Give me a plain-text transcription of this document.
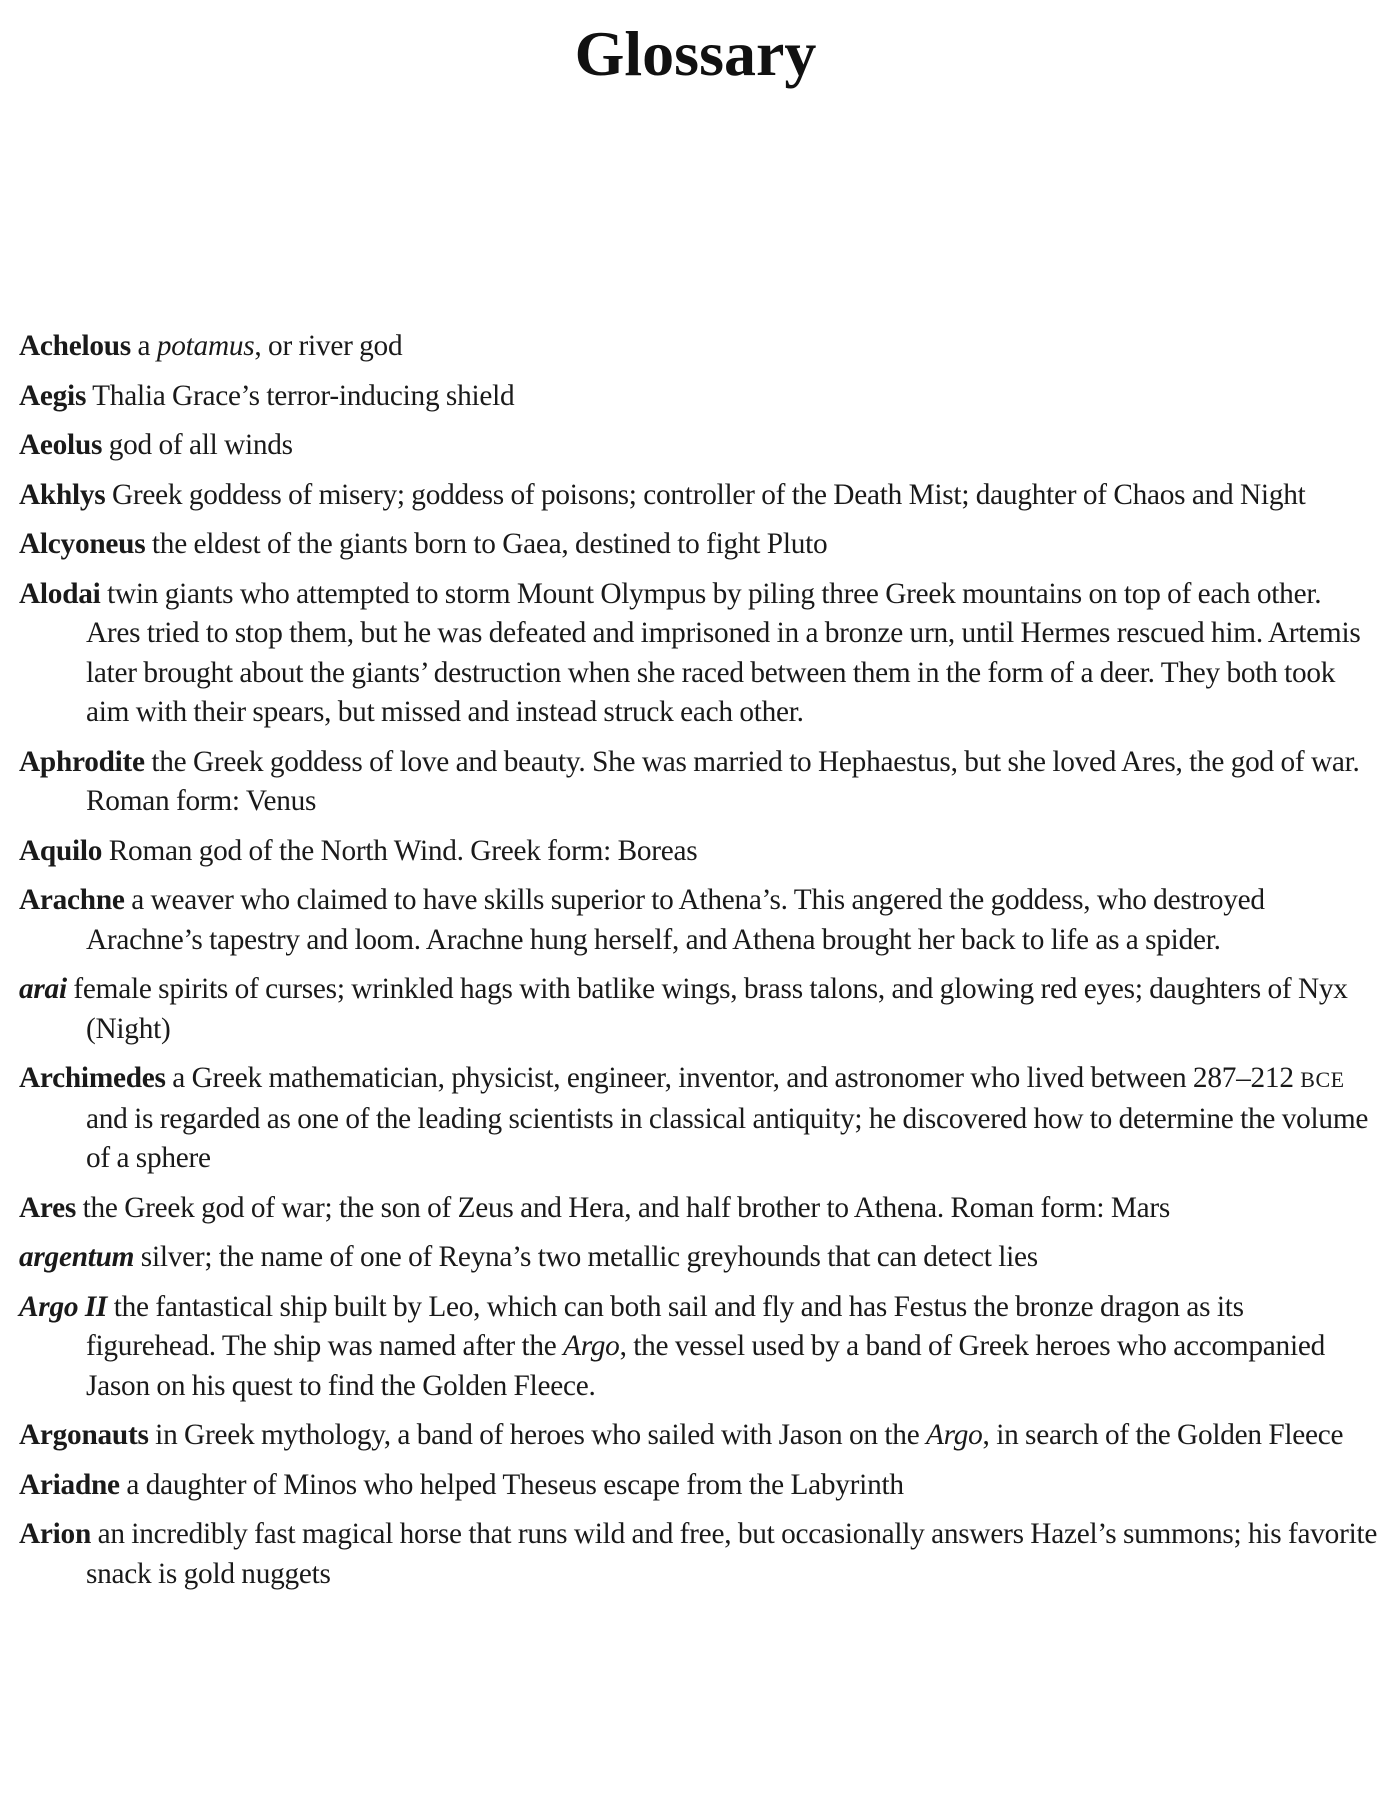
Glossary

Achelous a potamus, or river god

Aegis Thalia Grace’s terror-inducing shield

Aeolus god of all winds

Akhlys Greek goddess of misery; goddess of poisons; controller of the Death Mist; daughter of Chaos and Night

Alcyoneus the eldest of the giants born to Gaea, destined to fight Pluto

Alodai twin giants who attempted to storm Mount Olympus by piling three Greek mountains on top of each other. Ares tried to stop them, but he was defeated and imprisoned in a bronze urn, until Hermes rescued him. Artemis later brought about the giants’ destruction when she raced between them in the form of a deer. They both took aim with their spears, but missed and instead struck each other.

Aphrodite the Greek goddess of love and beauty. She was married to Hephaestus, but she loved Ares, the god of war. Roman form: Venus

Aquilo Roman god of the North Wind. Greek form: Boreas

Arachne a weaver who claimed to have skills superior to Athena’s. This angered the goddess, who destroyed Arachne’s tapestry and loom. Arachne hung herself, and Athena brought her back to life as a spider.

arai female spirits of curses; wrinkled hags with batlike wings, brass talons, and glowing red eyes; daughters of Nyx (Night)

Archimedes a Greek mathematician, physicist, engineer, inventor, and astronomer who lived between 287–212 BCE and is regarded as one of the leading scientists in classical antiquity; he discovered how to determine the volume of a sphere

Ares the Greek god of war; the son of Zeus and Hera, and half brother to Athena. Roman form: Mars

argentum silver; the name of one of Reyna’s two metallic greyhounds that can detect lies

Argo II the fantastical ship built by Leo, which can both sail and fly and has Festus the bronze dragon as its figurehead. The ship was named after the Argo, the vessel used by a band of Greek heroes who accompanied Jason on his quest to find the Golden Fleece.

Argonauts in Greek mythology, a band of heroes who sailed with Jason on the Argo, in search of the Golden Fleece

Ariadne a daughter of Minos who helped Theseus escape from the Labyrinth

Arion an incredibly fast magical horse that runs wild and free, but occasionally answers Hazel’s summons; his favorite snack is gold nuggets
